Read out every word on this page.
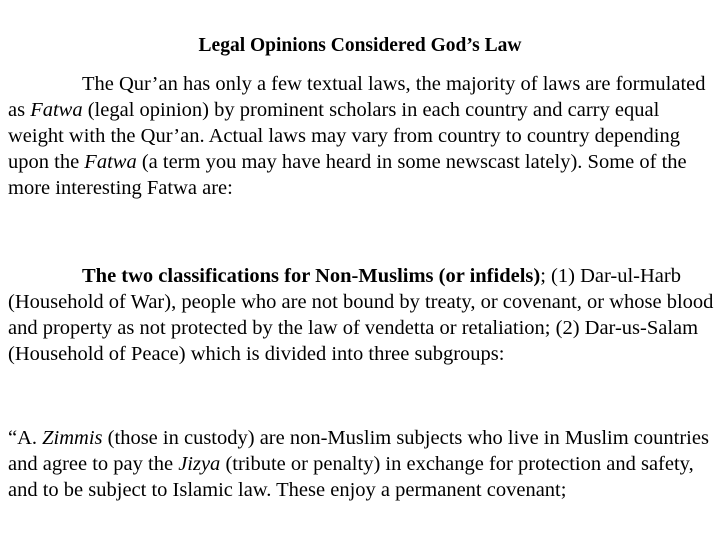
Legal Opinions Considered God’s Law

The Qur’an has only a few textual laws, the majority of laws are formulated as Fatwa (legal opinion) by prominent scholars in each country and carry equal weight with the Qur’an. Actual laws may vary from country to country depending upon the Fatwa (a term you may have heard in some newscast lately). Some of the more interesting Fatwa are:

The two classifications for Non-Muslims (or infidels); (1) Dar-ul-Harb (Household of War), people who are not bound by treaty, or covenant, or whose blood and property as not protected by the law of vendetta or retaliation; (2) Dar-us-Salam (Household of Peace) which is divided into three subgroups:

“A. Zimmis (those in custody) are non-Muslim subjects who live in Muslim countries and agree to pay the Jizya (tribute or penalty) in exchange for protection and safety, and to be subject to Islamic law. These enjoy a permanent covenant;
